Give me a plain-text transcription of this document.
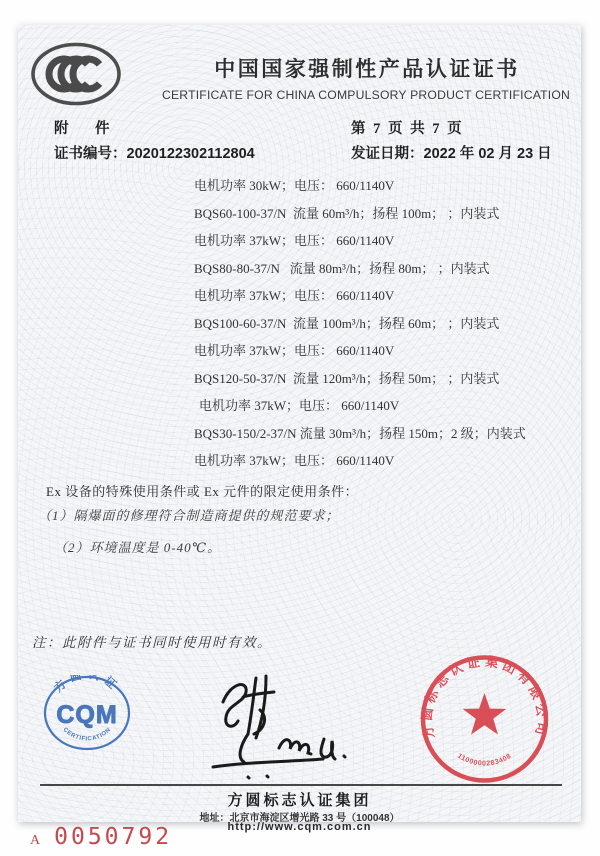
中国国家强制性产品认证证书
CERTIFICATE FOR CHINA COMPULSORY PRODUCT CERTIFICATION
附　件	第 7 页 共 7 页
证书编号：2020122302112804	发证日期：2022 年 02 月 23 日
电机功率 30kW；电压： 660/1140V
BQS60-100-37/N  流量 60m³/h；扬程 100m； ；内装式
电机功率 37kW；电压： 660/1140V
BQS80-80-37/N   流量 80m³/h；扬程 80m； ；内装式
电机功率 37kW；电压： 660/1140V
BQS100-60-37/N  流量 100m³/h；扬程 60m； ；内装式
电机功率 37kW；电压： 660/1140V
BQS120-50-37/N  流量 120m³/h；扬程 50m； ；内装式
电机功率 37kW；电压： 660/1140V
BQS30-150/2-37/N 流量 30m³/h；扬程 150m；2 级；内装式
电机功率 37kW；电压： 660/1140V
Ex 设备的特殊使用条件或 Ex 元件的限定使用条件：
（1）隔爆面的修理符合制造商提供的规范要求；
（2）环境温度是 0-40℃。
注：此附件与证书同时使用时有效。
方圆认证
CQM
CERTIFICATION	方圆标志认证集团有限公司
1100000283408
方圆标志认证集团
地址：北京市海淀区增光路 33 号（100048）
http://www.cqm.com.cn
A 0050792
